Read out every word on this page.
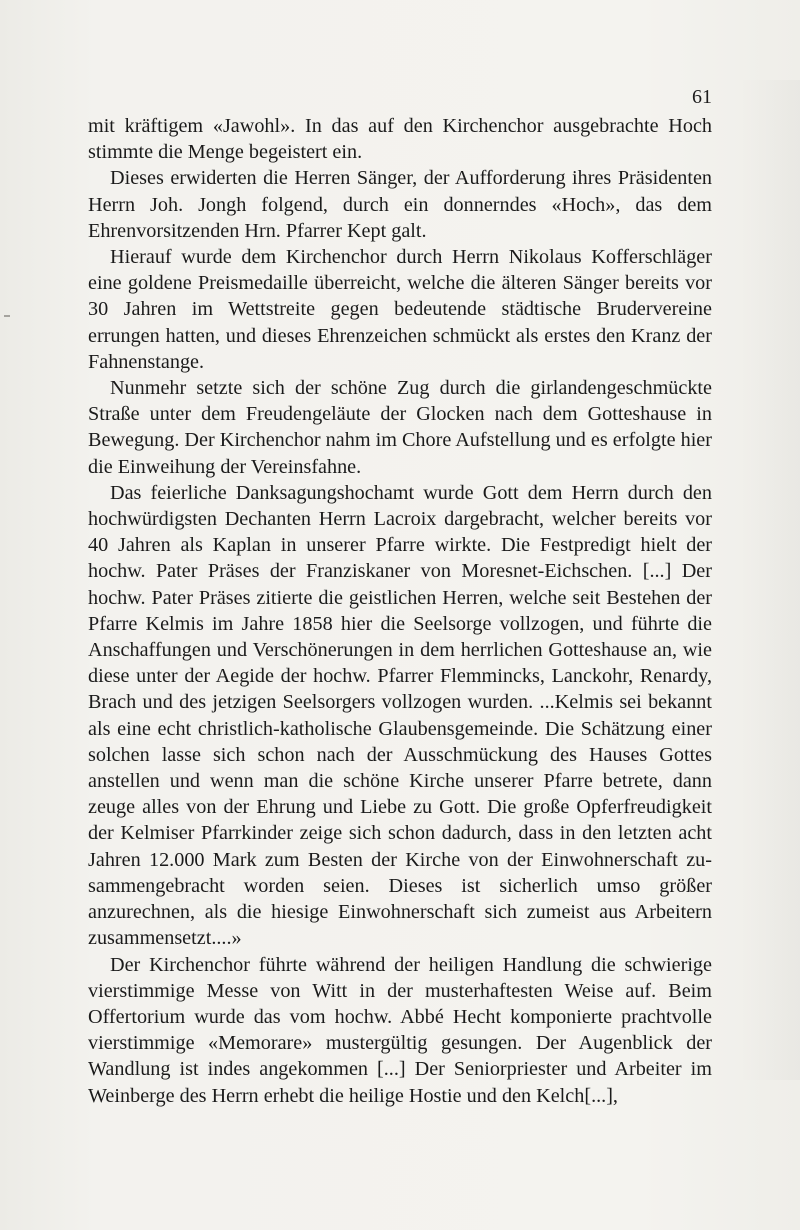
61

mit kräftigem «Jawohl». In das auf den Kirchenchor ausgebrachte Hoch stimmte die Menge begeistert ein.

Dieses erwiderten die Herren Sänger, der Aufforderung ihres Präsidenten Herrn Joh. Jongh folgend, durch ein donnerndes «Hoch», das dem Ehrenvorsitzenden Hrn. Pfarrer Kept galt.

Hierauf wurde dem Kirchenchor durch Herrn Nikolaus Kofferschläger eine goldene Preismedaille überreicht, welche die älteren Sänger bereits vor 30 Jahren im Wettstreite gegen bedeutende städtische Brudervereine errungen hatten, und dieses Ehrenzeichen schmückt als erstes den Kranz der Fahnenstange.

Nunmehr setzte sich der schöne Zug durch die girlandengeschmückte Straße unter dem Freudengeläute der Glocken nach dem Gotteshause in Bewegung. Der Kirchenchor nahm im Chore Aufstellung und es erfolgte hier die Einweihung der Vereinsfahne.

Das feierliche Danksagungshochamt wurde Gott dem Herrn durch den hochwürdigsten Dechanten Herrn Lacroix dargebracht, welcher bereits vor 40 Jahren als Kaplan in unserer Pfarre wirkte. Die Festpredigt hielt der hochw. Pater Präses der Franziskaner von Moresnet-Eichschen. [...] Der hochw. Pater Präses zitierte die geistlichen Herren, welche seit Bestehen der Pfarre Kelmis im Jahre 1858 hier die Seelsorge vollzogen, und führte die Anschaffungen und Verschönerungen in dem herrlichen Gotteshause an, wie diese unter der Aegide der hochw. Pfarrer Flemmincks, Lanckohr, Renardy, Brach und des jetzigen Seelsorgers vollzogen wurden. ...Kelmis sei bekannt als eine echt christlich-katholische Glaubensgemeinde. Die Schätzung einer solchen lasse sich schon nach der Ausschmückung des Hauses Gottes anstellen und wenn man die schöne Kirche unserer Pfarre betrete, dann zeuge alles von der Ehrung und Liebe zu Gott. Die große Opferfreudigkeit der Kelmiser Pfarrkinder zeige sich schon dadurch, dass in den letzten acht Jahren 12.000 Mark zum Besten der Kirche von der Einwohnerschaft zu-sammengebracht worden seien. Dieses ist sicherlich umso größer anzurechnen, als die hiesige Einwohnerschaft sich zumeist aus Arbeitern zusammensetzt....»

Der Kirchenchor führte während der heiligen Handlung die schwierige vierstimmige Messe von Witt in der musterhaftesten Weise auf. Beim Offertorium wurde das vom hochw. Abbé Hecht komponierte prachtvolle vierstimmige «Memorare» mustergültig gesungen. Der Augenblick der Wandlung ist indes angekommen [...] Der Seniorpriester und Arbeiter im Weinberge des Herrn erhebt die heilige Hostie und den Kelch[...],
